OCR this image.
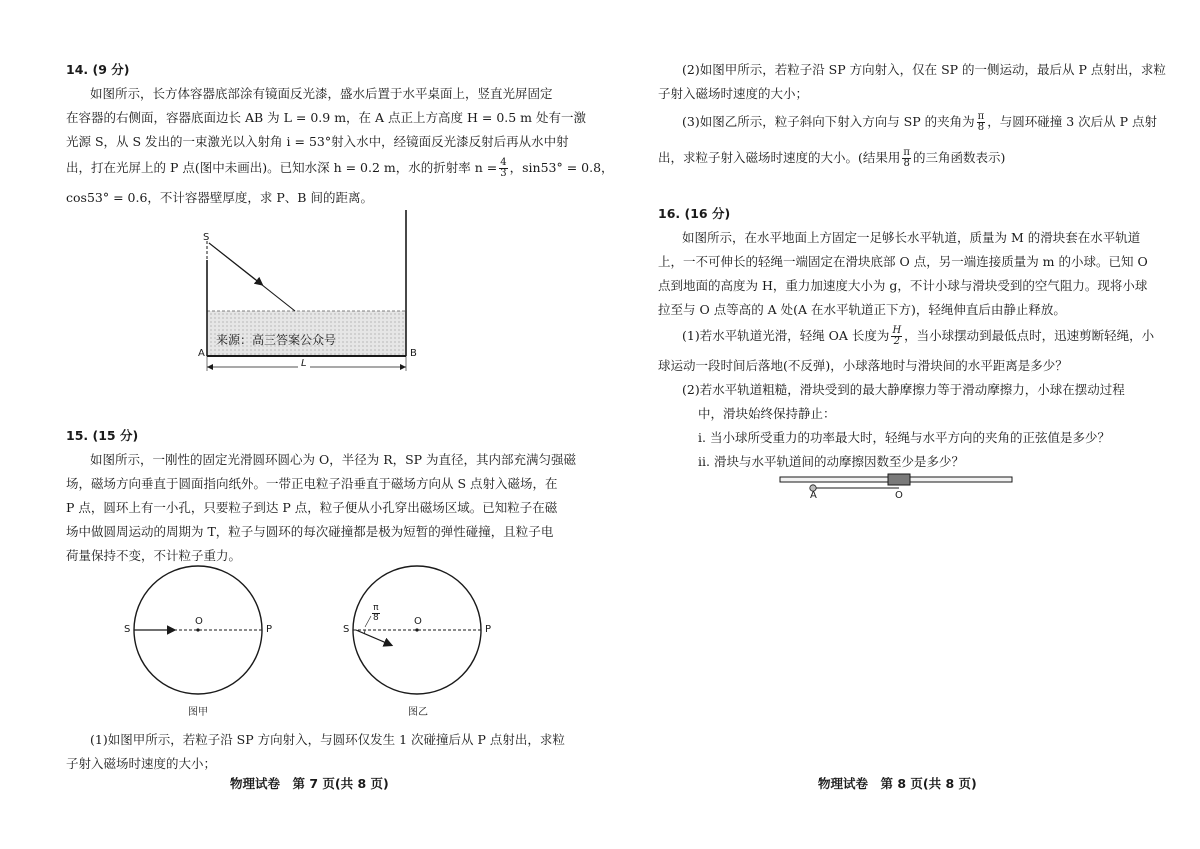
14. (9 分)
如图所示，长方体容器底部涂有镜面反光漆，盛水后置于水平桌面上，竖直光屏固定
在容器的右侧面，容器底面边长 AB 为 L = 0.9 m，在 A 点正上方高度 H = 0.5 m 处有一激
光源 S，从 S 发出的一束激光以入射角 i = 53°射入水中，经镜面反光漆反射后再从水中射
出，打在光屏上的 P 点(图中未画出)。已知水深 h = 0.2 m，水的折射率 $n = \frac{4}{3}$ ，sin53° = 0.8，
cos53° = 0.6，不计容器壁厚度，求 P、B 间的距离。
S
A	B
L
来源：高三答案公众号
15. (15 分)
如图所示，一刚性的固定光滑圆环圆心为 O，半径为 R，SP 为直径，其内部充满匀强磁
场，磁场方向垂直于圆面指向纸外。一带正电粒子沿垂直于磁场方向从 S 点射入磁场，在
P 点，圆环上有一小孔，只要粒子到达 P 点，粒子便从小孔穿出磁场区域。已知粒子在磁
场中做圆周运动的周期为 T，粒子与圆环的每次碰撞都是极为短暂的弹性碰撞，且粒子电
荷量保持不变，不计粒子重力。
S
O
P
图甲
S
O
P
$\frac{\pi}{8}$
图乙
(1)如图甲所示，若粒子沿 SP 方向射入，与圆环仅发生 1 次碰撞后从 P 点射出，求粒
子射入磁场时速度的大小；
物理试卷　第 7 页(共 8 页)
(2)如图甲所示，若粒子沿 SP 方向射入，仅在 SP 的一侧运动，最后从 P 点射出，求粒
子射入磁场时速度的大小；
(3)如图乙所示，粒子斜向下射入方向与 SP 的夹角为 $\frac{\pi}{8}$ ，与圆环碰撞 3 次后从 P 点射
出，求粒子射入磁场时速度的大小。(结果用 $\frac{\pi}{8}$ 的三角函数表示)
16. (16 分)
如图所示，在水平地面上方固定一足够长水平轨道，质量为 M 的滑块套在水平轨道
上，一不可伸长的轻绳一端固定在滑块底部 O 点，另一端连接质量为 m 的小球。已知 O
点到地面的高度为 H，重力加速度大小为 g，不计小球与滑块受到的空气阻力。现将小球
拉至与 O 点等高的 A 处(A 在水平轨道正下方)，轻绳伸直后由静止释放。
(1)若水平轨道光滑，轻绳 OA 长度为 $\frac{H}{2}$ ，当小球摆动到最低点时，迅速剪断轻绳，小
球运动一段时间后落地(不反弹)，小球落地时与滑块间的水平距离是多少？
(2)若水平轨道粗糙，滑块受到的最大静摩擦力等于滑动摩擦力，小球在摆动过程
中，滑块始终保持静止：
i. 当小球所受重力的功率最大时，轻绳与水平方向的夹角的正弦值是多少？
ii. 滑块与水平轨道间的动摩擦因数至少是多少？
A	O
物理试卷　第 8 页(共 8 页)
